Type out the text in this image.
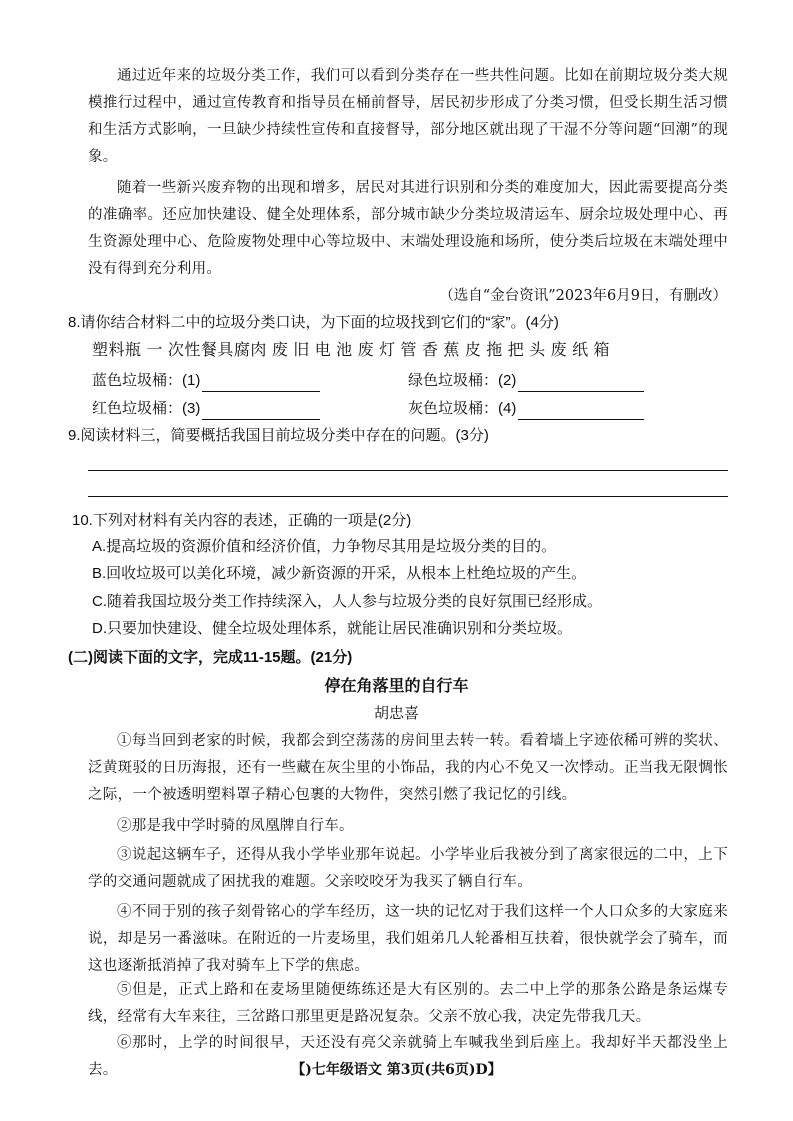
通过近年来的垃圾分类工作，我们可以看到分类存在一些共性问题。比如在前期垃圾分类大规模推行过程中，通过宣传教育和指导员在桶前督导，居民初步形成了分类习惯，但受长期生活习惯和生活方式影响，一旦缺少持续性宣传和直接督导，部分地区就出现了干湿不分等问题“回潮”的现象。

随着一些新兴废弃物的出现和增多，居民对其进行识别和分类的难度加大，因此需要提高分类的准确率。还应加快建设、健全处理体系，部分城市缺少分类垃圾清运车、厨余垃圾处理中心、再生资源处理中心、危险废物处理中心等垃圾中、末端处理设施和场所，使分类后垃圾在末端处理中没有得到充分利用。

（选自“金台资讯”2023年6月9日，有删改）

8.请你结合材料二中的垃圾分类口诀，为下面的垃圾找到它们的“家”。(4分)

塑料瓶 一 次性餐具腐肉 废 旧 电 池 废 灯 管 香 蕉 皮 拖 把 头 废 纸 箱

蓝色垃圾桶：(1)	绿色垃圾桶：(2)

红色垃圾桶：(3)	灰色垃圾桶：(4)

9.阅读材料三，简要概括我国目前垃圾分类中存在的问题。(3分)

10.下列对材料有关内容的表述，正确的一项是(2分)

A.提高垃圾的资源价值和经济价值，力争物尽其用是垃圾分类的目的。

B.回收垃圾可以美化环境，减少新资源的开采，从根本上杜绝垃圾的产生。

C.随着我国垃圾分类工作持续深入，人人参与垃圾分类的良好氛围已经形成。

D.只要加快建设、健全垃圾处理体系，就能让居民准确识别和分类垃圾。

(二)阅读下面的文字，完成11-15题。(21分)

停在角落里的自行车

胡忠喜

①每当回到老家的时候，我都会到空荡荡的房间里去转一转。看着墙上字迹依稀可辨的奖状、泛黄斑驳的日历海报，还有一些藏在灰尘里的小饰品，我的内心不免又一次悸动。正当我无限惆怅之际，一个被透明塑料罩子精心包裹的大物件，突然引燃了我记忆的引线。

②那是我中学时骑的凤凰牌自行车。

③说起这辆车子，还得从我小学毕业那年说起。小学毕业后我被分到了离家很远的二中，上下学的交通问题就成了困扰我的难题。父亲咬咬牙为我买了辆自行车。

④不同于别的孩子刻骨铭心的学车经历，这一块的记忆对于我们这样一个人口众多的大家庭来说，却是另一番滋味。在附近的一片麦场里，我们姐弟几人轮番相互扶着，很快就学会了骑车，而这也逐渐抵消掉了我对骑车上下学的焦虑。

⑤但是，正式上路和在麦场里随便练练还是大有区别的。去二中上学的那条公路是条运煤专线，经常有大车来往，三岔路口那里更是路况复杂。父亲不放心我，决定先带我几天。

⑥那时，上学的时间很早，天还没有亮父亲就骑上车喊我坐到后座上。我却好半天都没坐上去。	【)七年级语文 第3页(共6页)D】
